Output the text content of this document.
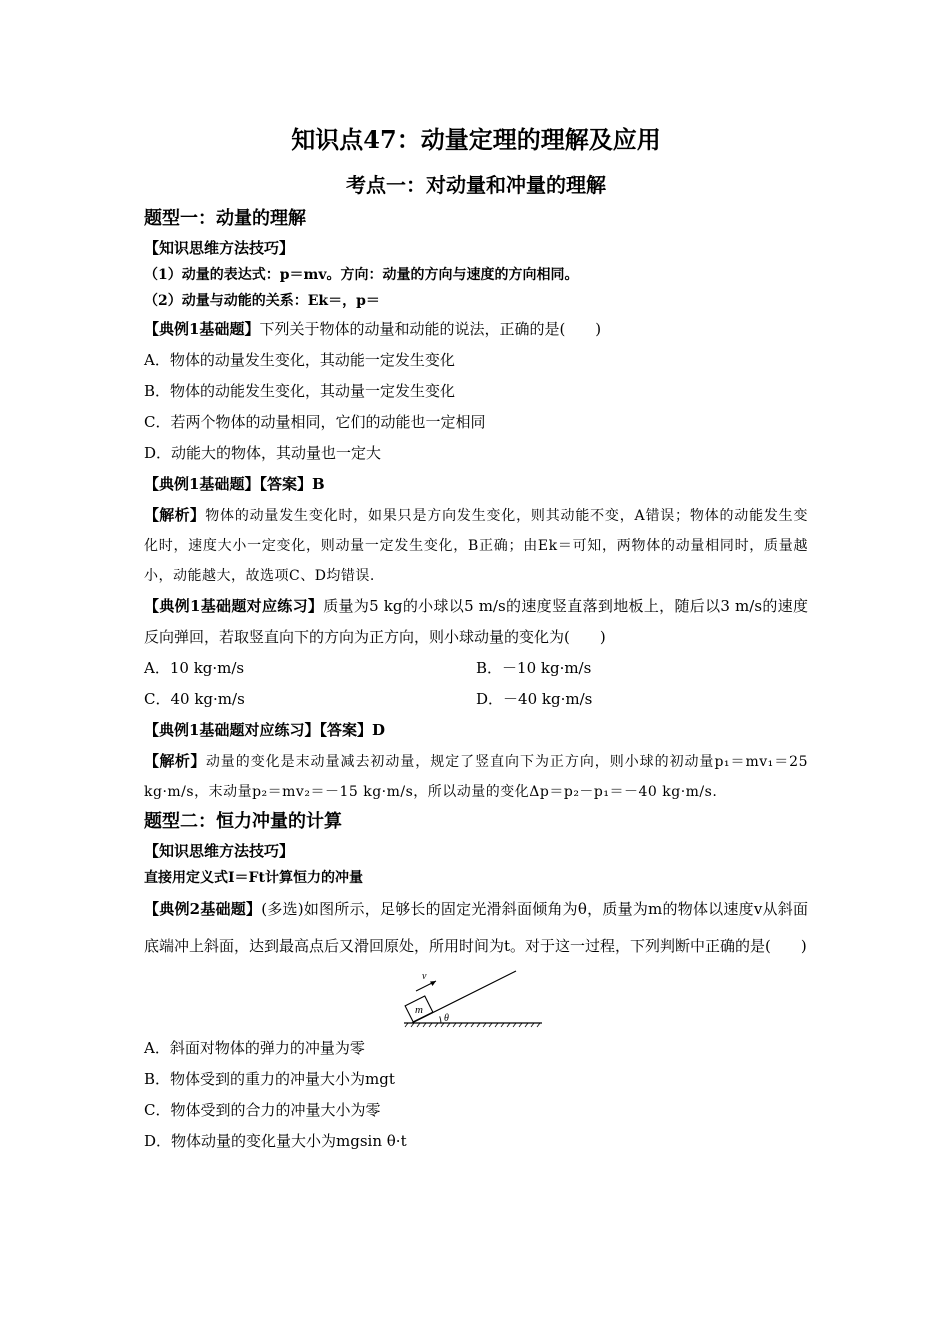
知识点47：动量定理的理解及应用
考点一：对动量和冲量的理解

题型一：动量的理解

【知识思维方法技巧】

（1）动量的表达式：p＝mv。方向：动量的方向与速度的方向相同。

（2）动量与动能的关系：Ek＝，p＝

【典例1基础题】下列关于物体的动量和动能的说法，正确的是(　　)

A．物体的动量发生变化，其动能一定发生变化

B．物体的动能发生变化，其动量一定发生变化

C．若两个物体的动量相同，它们的动能也一定相同

D．动能大的物体，其动量也一定大

【典例1基础题】【答案】B

【解析】物体的动量发生变化时，如果只是方向发生变化，则其动能不变，A错误；物体的动能发生变化时，速度大小一定变化，则动量一定发生变化，B正确；由Ek＝可知，两物体的动量相同时，质量越小，动能越大，故选项C、D均错误.

【典例1基础题对应练习】质量为5 kg的小球以5 m/s的速度竖直落到地板上，随后以3 m/s的速度反向弹回，若取竖直向下的方向为正方向，则小球动量的变化为(　　)

A．10 kg·m/s	B．－10 kg·m/s
C．40 kg·m/s	D．－40 kg·m/s

【典例1基础题对应练习】【答案】D

【解析】动量的变化是末动量减去初动量，规定了竖直向下为正方向，则小球的初动量p₁＝mv₁＝25 kg·m/s，末动量p₂＝mv₂＝－15 kg·m/s，所以动量的变化Δp＝p₂－p₁＝－40 kg·m/s.

题型二：恒力冲量的计算

【知识思维方法技巧】

直接用定义式I＝Ft计算恒力的冲量

【典例2基础题】(多选)如图所示，足够长的固定光滑斜面倾角为θ，质量为m的物体以速度v从斜面底端冲上斜面，达到最高点后又滑回原处，所用时间为t。对于这一过程，下列判断中正确的是(　　)

m
θ
v

A．斜面对物体的弹力的冲量为零

B．物体受到的重力的冲量大小为mgt

C．物体受到的合力的冲量大小为零

D．物体动量的变化量大小为mgsin θ·t
